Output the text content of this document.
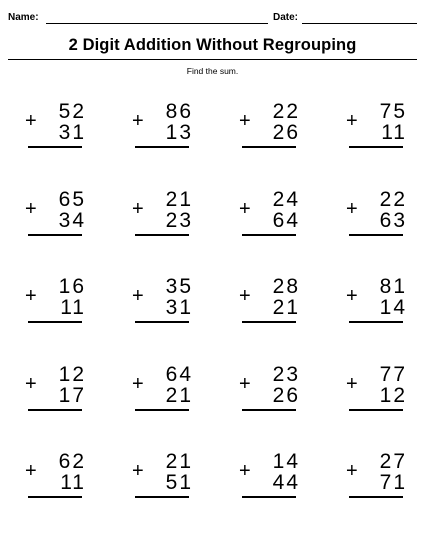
Name:	Date:
2 Digit Addition Without Regrouping
Find the sum.
52
+ 31
86
+ 13
22
+ 26
75
+ 11
65
+ 34
21
+ 23
24
+ 64
22
+ 63
16
+ 11
35
+ 31
28
+ 21
81
+ 14
12
+ 17
64
+ 21
23
+ 26
77
+ 12
62
+ 11
21
+ 51
14
+ 44
27
+ 71
